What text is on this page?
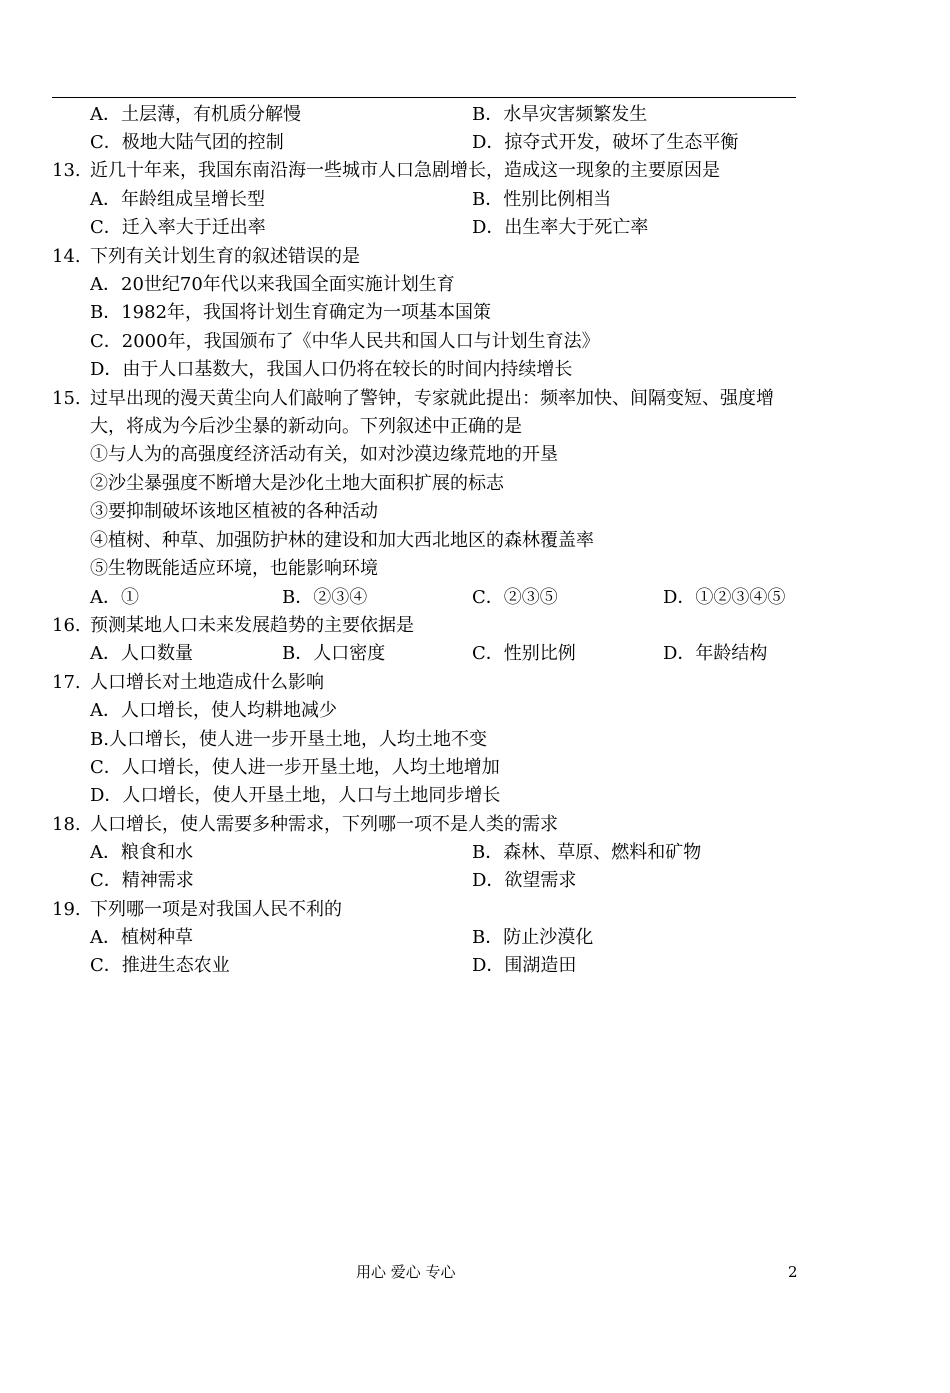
A．土层薄，有机质分解慢	B．水旱灾害频繁发生
C．极地大陆气团的控制	D．掠夺式开发，破坏了生态平衡
13. 近几十年来，我国东南沿海一些城市人口急剧增长，造成这一现象的主要原因是
A．年龄组成呈增长型	B．性别比例相当
C．迁入率大于迁出率	D．出生率大于死亡率
14. 下列有关计划生育的叙述错误的是
A．20世纪70年代以来我国全面实施计划生育
B．1982年，我国将计划生育确定为一项基本国策
C．2000年，我国颁布了《中华人民共和国人口与计划生育法》
D．由于人口基数大，我国人口仍将在较长的时间内持续增长
15. 过早出现的漫天黄尘向人们敲响了警钟，专家就此提出：频率加快、间隔变短、强度增
大，将成为今后沙尘暴的新动向。下列叙述中正确的是
①与人为的高强度经济活动有关，如对沙漠边缘荒地的开垦
②沙尘暴强度不断增大是沙化土地大面积扩展的标志
③要抑制破坏该地区植被的各种活动
④植树、种草、加强防护林的建设和加大西北地区的森林覆盖率
⑤生物既能适应环境，也能影响环境
A．①	B．②③④	C．②③⑤	D．①②③④⑤
16. 预测某地人口未来发展趋势的主要依据是
A．人口数量	B．人口密度	C．性别比例	D．年龄结构
17. 人口增长对土地造成什么影响
A．人口增长，使人均耕地减少
B.人口增长，使人进一步开垦土地，人均土地不变
C．人口增长，使人进一步开垦土地，人均土地增加
D．人口增长，使人开垦土地，人口与土地同步增长
18. 人口增长，使人需要多种需求，下列哪一项不是人类的需求
A．粮食和水	B．森林、草原、燃料和矿物
C．精神需求	D．欲望需求
19. 下列哪一项是对我国人民不利的
A．植树种草	B．防止沙漠化
C．推进生态农业	D．围湖造田
用心 爱心 专心	2
